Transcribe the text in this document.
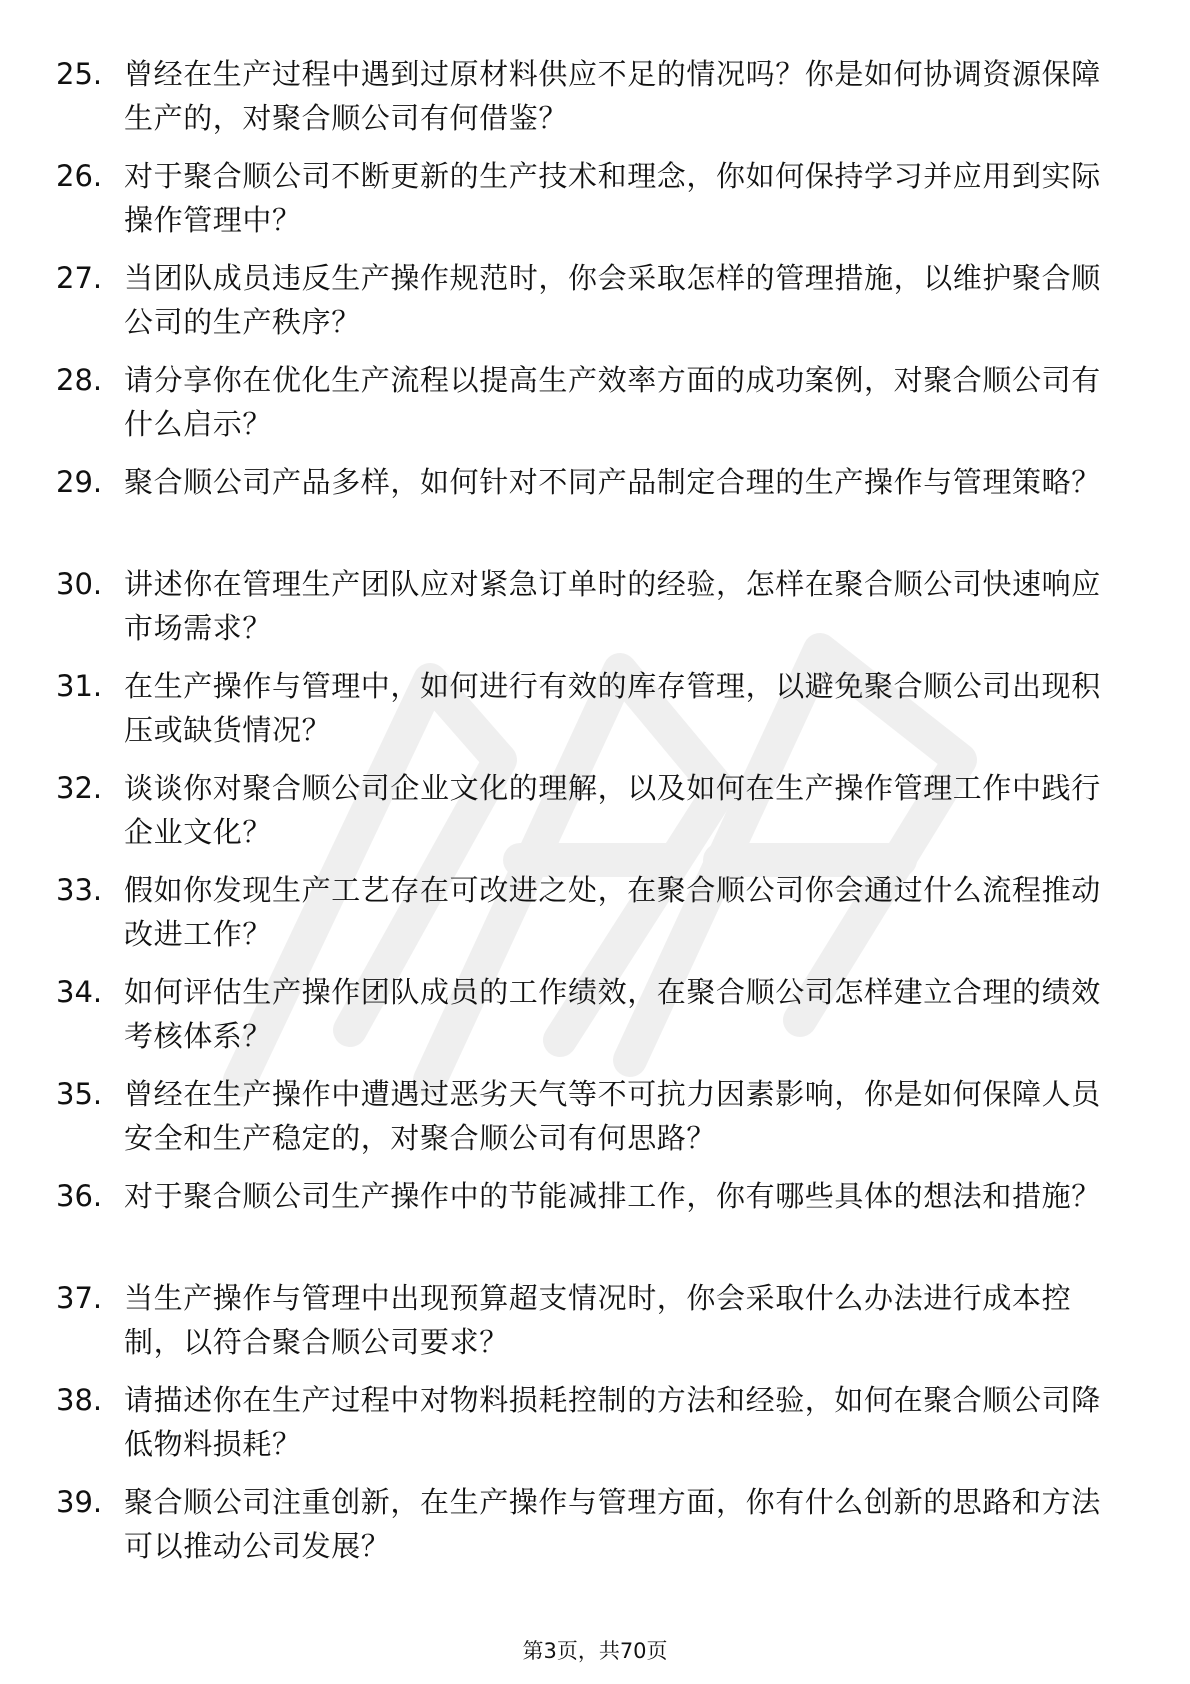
25. 曾经在生产过程中遇到过原材料供应不足的情况吗？你是如何协调资源保障生产的，对聚合顺公司有何借鉴？
26. 对于聚合顺公司不断更新的生产技术和理念，你如何保持学习并应用到实际操作管理中？
27. 当团队成员违反生产操作规范时，你会采取怎样的管理措施，以维护聚合顺公司的生产秩序？
28. 请分享你在优化生产流程以提高生产效率方面的成功案例，对聚合顺公司有什么启示？
29. 聚合顺公司产品多样，如何针对不同产品制定合理的生产操作与管理策略？
30. 讲述你在管理生产团队应对紧急订单时的经验，怎样在聚合顺公司快速响应市场需求？
31. 在生产操作与管理中，如何进行有效的库存管理，以避免聚合顺公司出现积压或缺货情况？
32. 谈谈你对聚合顺公司企业文化的理解，以及如何在生产操作管理工作中践行企业文化？
33. 假如你发现生产工艺存在可改进之处，在聚合顺公司你会通过什么流程推动改进工作？
34. 如何评估生产操作团队成员的工作绩效，在聚合顺公司怎样建立合理的绩效考核体系？
35. 曾经在生产操作中遭遇过恶劣天气等不可抗力因素影响，你是如何保障人员安全和生产稳定的，对聚合顺公司有何思路？
36. 对于聚合顺公司生产操作中的节能减排工作，你有哪些具体的想法和措施？
37. 当生产操作与管理中出现预算超支情况时，你会采取什么办法进行成本控制，以符合聚合顺公司要求？
38. 请描述你在生产过程中对物料损耗控制的方法和经验，如何在聚合顺公司降低物料损耗？
39. 聚合顺公司注重创新，在生产操作与管理方面，你有什么创新的思路和方法可以推动公司发展？
第3页，共70页
